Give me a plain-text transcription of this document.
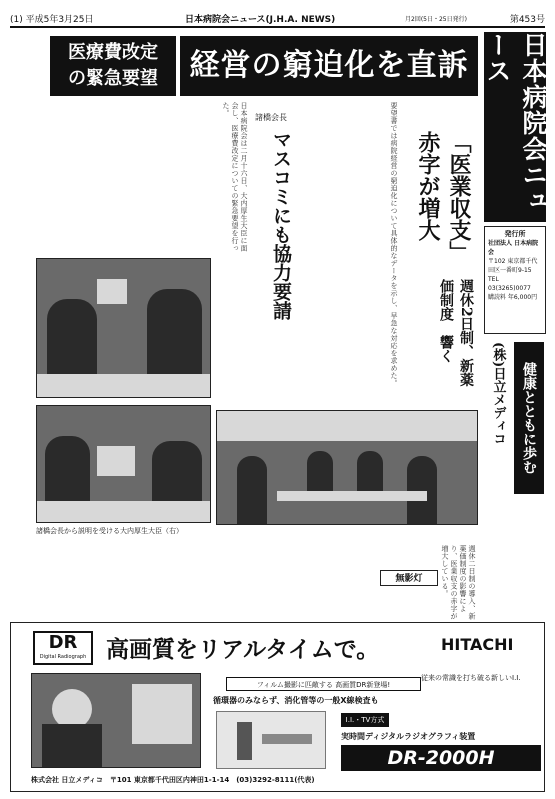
(1) 平成5年3月25日	日本病院会ニュース(J.H.A. NEWS)	月2回(5日・25日発行)	第453号
日本病院会ニュース
発行所
社団法人 日本病院会
〒102 東京都千代田区一番町9-15
TEL 03(3265)0077
購読料 年6,000円
健康とともに歩む
(株)日立メディコ
医療費改定
の緊急要望	経営の窮迫化を直訴
日本病院会は二月十六日、大内厚生大臣に面会し、医療費改定についての緊急要望を行った。
諸橋会長
マスコミにも協力要請	要望書では病院経営の窮迫化について具体的なデータを示し、早急な対応を求めた。	「医業収支」赤字が増大
週休2日制、新薬価制度　響く
諸橋会長から説明を受ける大内厚生大臣（右）
週休二日制の導入、新薬価制度の影響により、医業収支の赤字が増大している。
無影灯
DR
Digital Radiograph 高画質をリアルタイムで。	HITACHI
フィルム撮影に匹敵する 高画質DR新登場!
循環器のみならず、消化管等の一般X線検査も
従来の常識を打ち破る新しいI.I.
I.I.・TV方式
実時間ディジタルラジオグラフィ装置
DR-2000H
株式会社 日立メディコ　〒101 東京都千代田区内神田1-1-14　(03)3292-8111(代表)
